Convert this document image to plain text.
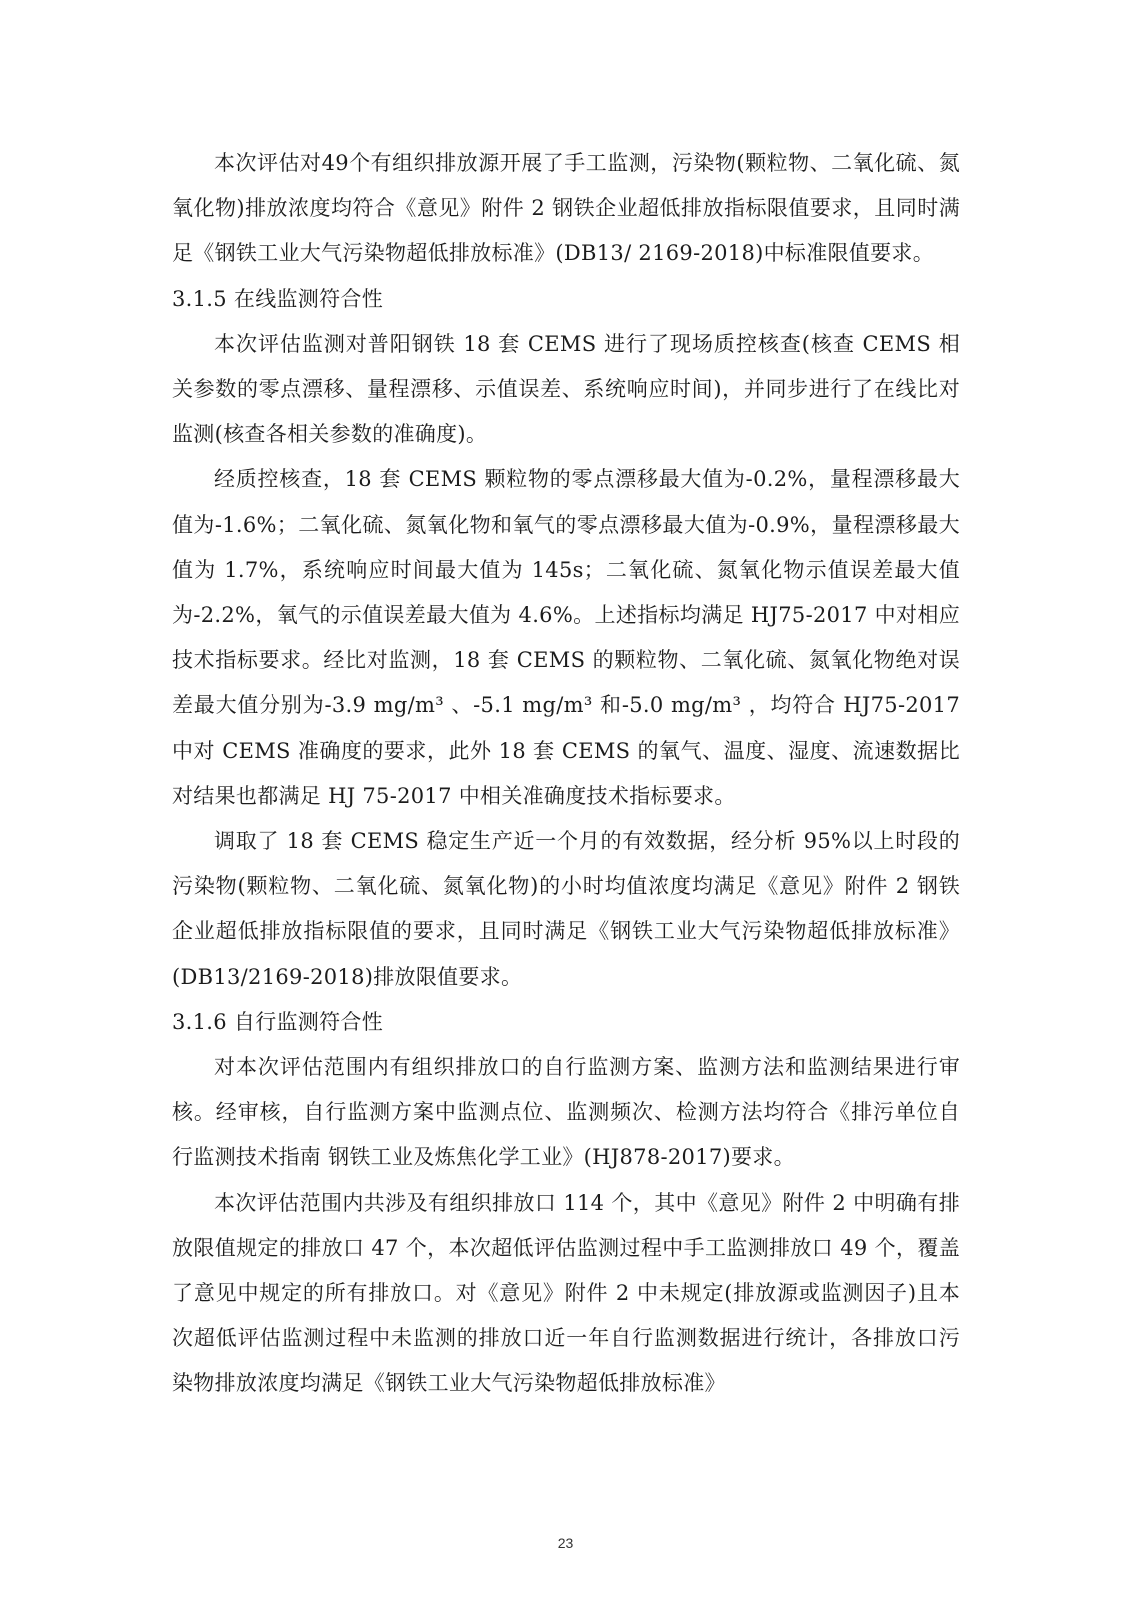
本次评估对49个有组织排放源开展了手工监测，污染物(颗粒物、二氧化硫、氮氧化物)排放浓度均符合《意见》附件 2 钢铁企业超低排放指标限值要求，且同时满足《钢铁工业大气污染物超低排放标准》(DB13/ 2169-2018)中标准限值要求。

3.1.5 在线监测符合性

本次评估监测对普阳钢铁 18 套 CEMS 进行了现场质控核查(核查 CEMS 相关参数的零点漂移、量程漂移、示值误差、系统响应时间)，并同步进行了在线比对监测(核查各相关参数的准确度)。

经质控核查，18 套 CEMS 颗粒物的零点漂移最大值为-0.2%，量程漂移最大值为-1.6%；二氧化硫、氮氧化物和氧气的零点漂移最大值为-0.9%，量程漂移最大值为 1.7%，系统响应时间最大值为 145s；二氧化硫、氮氧化物示值误差最大值为-2.2%，氧气的示值误差最大值为 4.6%。上述指标均满足 HJ75-2017 中对相应技术指标要求。经比对监测，18 套 CEMS 的颗粒物、二氧化硫、氮氧化物绝对误差最大值分别为-3.9 mg/m³ 、-5.1 mg/m³ 和-5.0 mg/m³ ，均符合 HJ75-2017 中对 CEMS 准确度的要求，此外 18 套 CEMS 的氧气、温度、湿度、流速数据比对结果也都满足 HJ 75-2017 中相关准确度技术指标要求。

调取了 18 套 CEMS 稳定生产近一个月的有效数据，经分析 95%以上时段的污染物(颗粒物、二氧化硫、氮氧化物)的小时均值浓度均满足《意见》附件 2 钢铁企业超低排放指标限值的要求，且同时满足《钢铁工业大气污染物超低排放标准》(DB13/2169-2018)排放限值要求。

3.1.6 自行监测符合性

对本次评估范围内有组织排放口的自行监测方案、监测方法和监测结果进行审核。经审核，自行监测方案中监测点位、监测频次、检测方法均符合《排污单位自行监测技术指南 钢铁工业及炼焦化学工业》(HJ878-2017)要求。

本次评估范围内共涉及有组织排放口 114 个，其中《意见》附件 2 中明确有排放限值规定的排放口 47 个，本次超低评估监测过程中手工监测排放口 49 个，覆盖了意见中规定的所有排放口。对《意见》附件 2 中未规定(排放源或监测因子)且本次超低评估监测过程中未监测的排放口近一年自行监测数据进行统计，各排放口污染物排放浓度均满足《钢铁工业大气污染物超低排放标准》

23
